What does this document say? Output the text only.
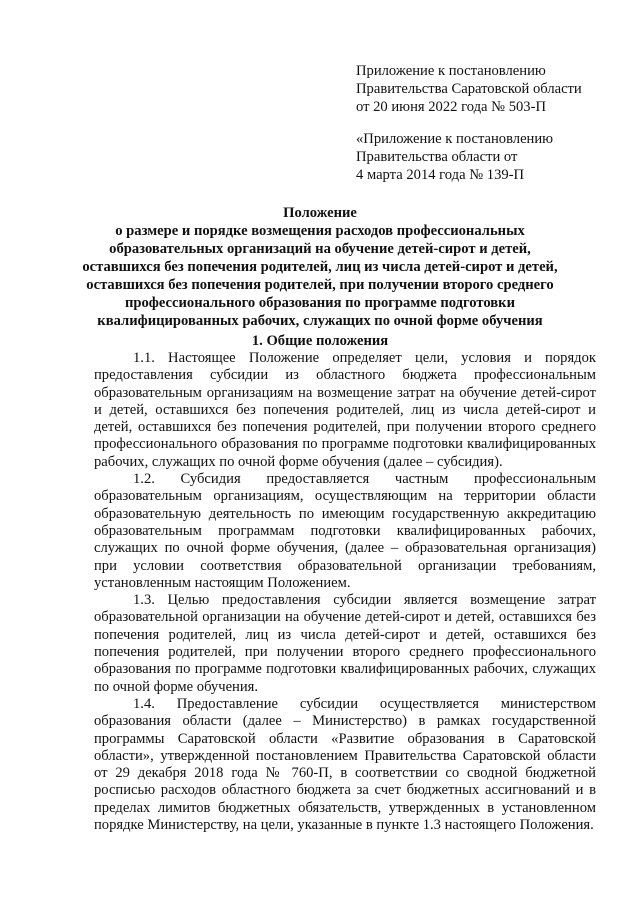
Приложение к постановлению
Правительства Саратовской области
от 20 июня 2022 года № 503-П
«Приложение к постановлению
Правительства области от
4 марта 2014 года № 139-П
Положение
о размере и порядке возмещения расходов профессиональных
образовательных организаций на обучение детей-сирот и детей,
оставшихся без попечения родителей, лиц из числа детей-сирот и детей,
оставшихся без попечения родителей, при получении второго среднего
профессионального образования по программе подготовки
квалифицированных рабочих, служащих по очной форме обучения
1. Общие положения

1.1. Настоящее Положение определяет цели, условия и порядок предоставления субсидии из областного бюджета профессиональным образовательным организациям на возмещение затрат на обучение детей-сирот и детей, оставшихся без попечения родителей, лиц из числа детей-сирот и детей, оставшихся без попечения родителей, при получении второго среднего профессионального образования по программе подготовки квалифицированных рабочих, служащих по очной форме обучения (далее – субсидия).

1.2. Субсидия предоставляется частным профессиональным образовательным организациям, осуществляющим на территории области образовательную деятельность по имеющим государственную аккредитацию образовательным программам подготовки квалифицированных рабочих, служащих по очной форме обучения, (далее – образовательная организация) при условии соответствия образовательной организации требованиям, установленным настоящим Положением.

1.3. Целью предоставления субсидии является возмещение затрат образовательной организации на обучение детей-сирот и детей, оставшихся без попечения родителей, лиц из числа детей-сирот и детей, оставшихся без попечения родителей, при получении второго среднего профессионального образования по программе подготовки квалифицированных рабочих, служащих по очной форме обучения.

1.4. Предоставление субсидии осуществляется министерством образования области (далее – Министерство) в рамках государственной программы Саратовской области «Развитие образования в Саратовской области», утвержденной постановлением Правительства Саратовской области от 29 декабря 2018 года № 760-П, в соответствии со сводной бюджетной росписью расходов областного бюджета за счет бюджетных ассигнований и в пределах лимитов бюджетных обязательств, утвержденных в установленном порядке Министерству, на цели, указанные в пункте 1.3 настоящего Положения.
